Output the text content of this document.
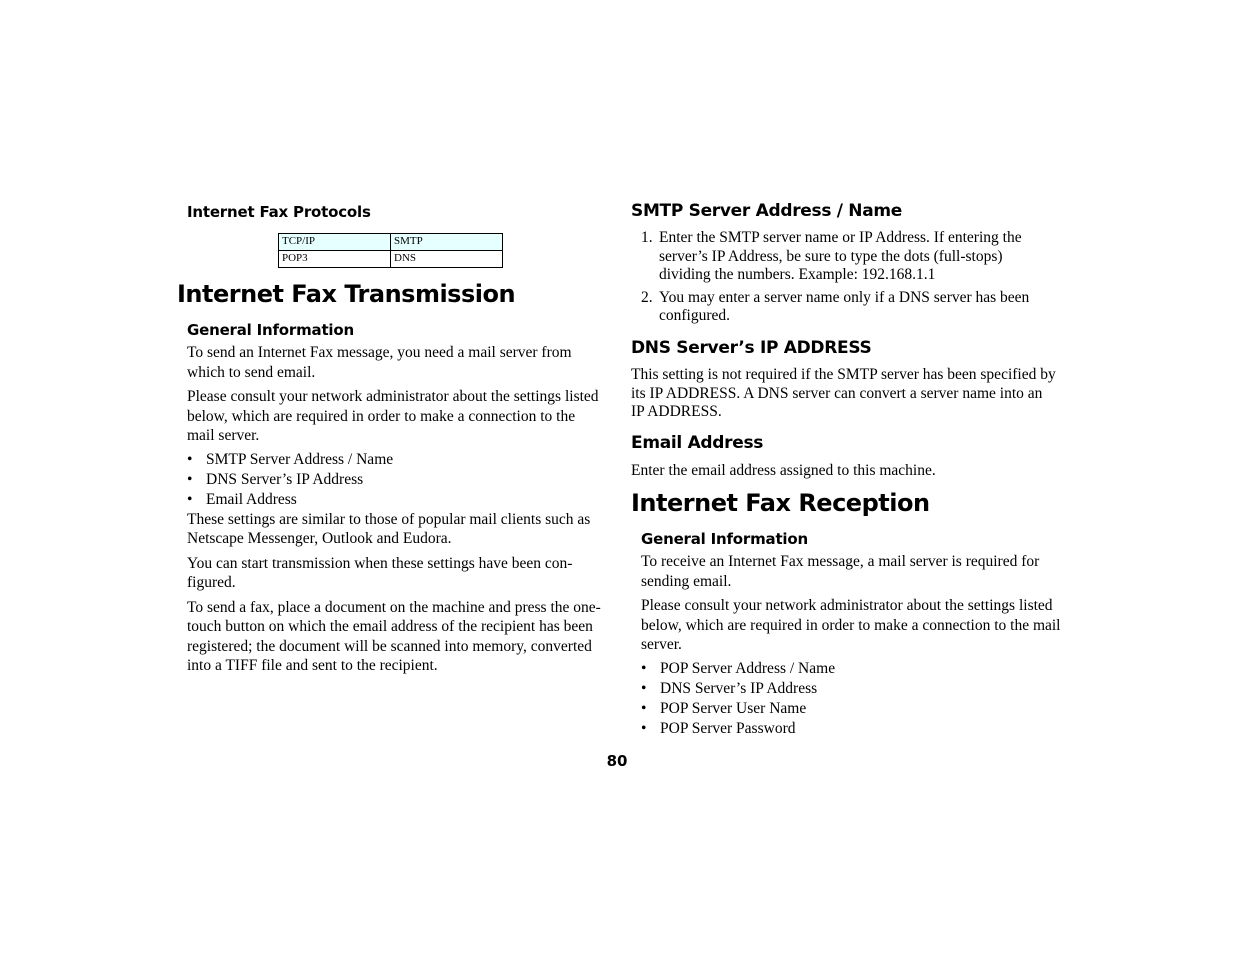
Internet Fax Protocols
TCP/IP	SMTP
POP3	DNS
Internet Fax Transmission
General Information

To send an Internet Fax message, you need a mail server from which to send email.

Please consult your network administrator about the settings listed below, which are required in order to make a connection to the mail server.

• SMTP Server Address / Name
• DNS Server’s IP Address
• Email Address

These settings are similar to those of popular mail clients such as Netscape Messenger, Outlook and Eudora.

You can start transmission when these settings have been con-figured.

To send a fax, place a document on the machine and press the one-touch button on which the email address of the recipient has been registered; the document will be scanned into memory, converted into a TIFF file and sent to the recipient.

SMTP Server Address / Name
1. Enter the SMTP server name or IP Address. If entering the server’s IP Address, be sure to type the dots (full-stops) dividing the numbers. Example: 192.168.1.1
2. You may enter a server name only if a DNS server has been configured.
DNS Server’s IP ADDRESS
This setting is not required if the SMTP server has been specified by its IP ADDRESS. A DNS server can convert a server name into an IP ADDRESS.
Email Address
Enter the email address assigned to this machine.
Internet Fax Reception
General Information

To receive an Internet Fax message, a mail server is required for sending email.

Please consult your network administrator about the settings listed below, which are required in order to make a connection to the mail server.

• POP Server Address / Name
• DNS Server’s IP Address
• POP Server User Name
• POP Server Password
80
